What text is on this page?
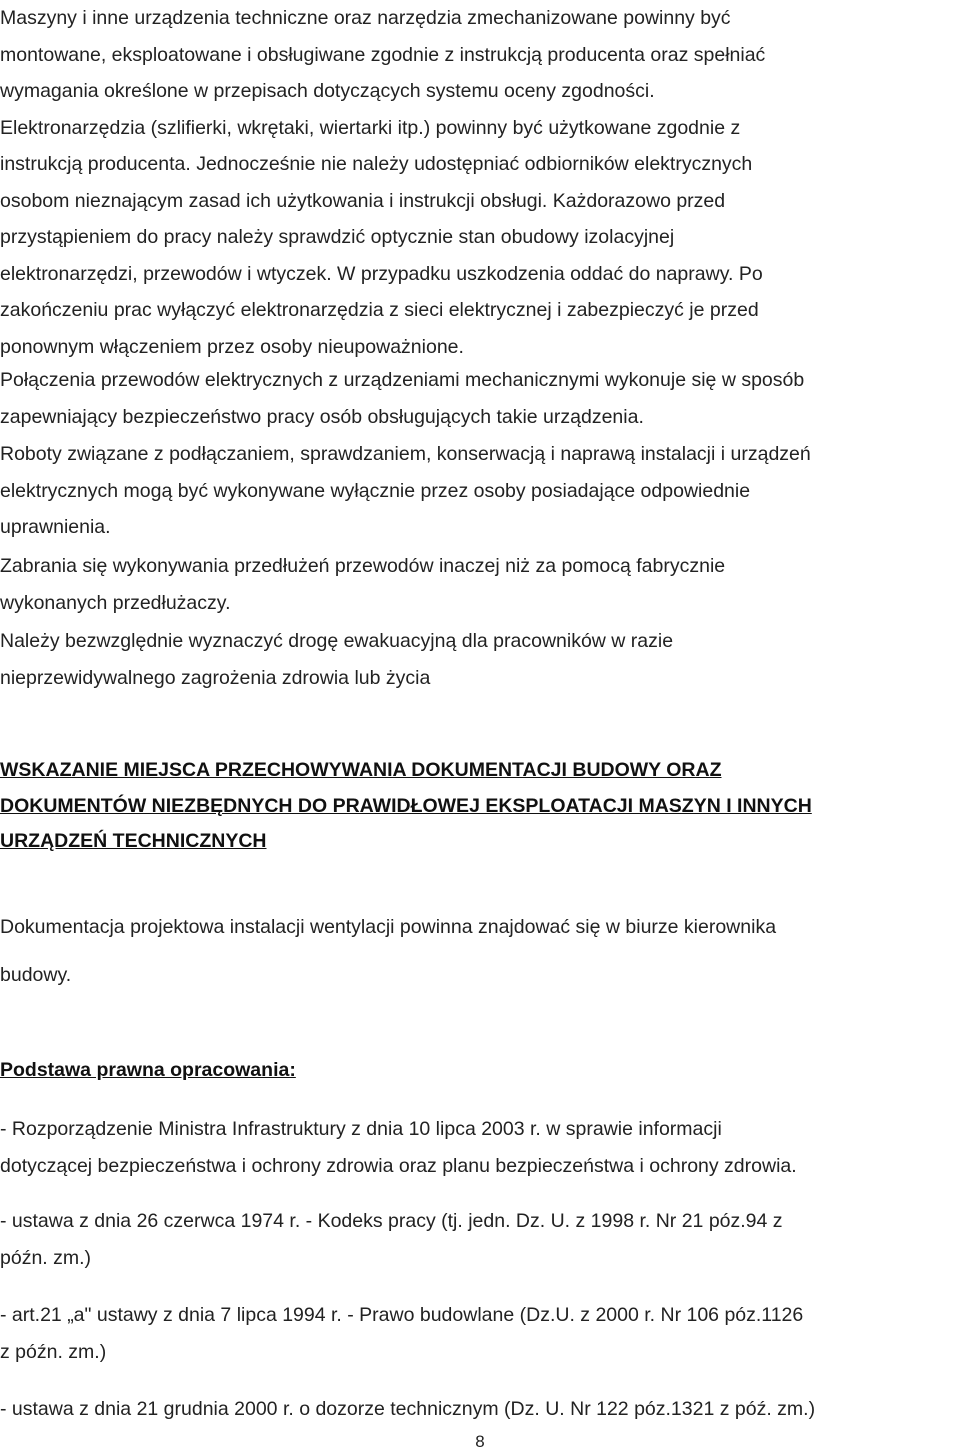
Maszyny i inne urządzenia techniczne oraz narzędzia zmechanizowane powinny być
montowane, eksploatowane i obsługiwane zgodnie z instrukcją producenta oraz spełniać
wymagania określone w przepisach dotyczących systemu oceny zgodności.
Elektronarzędzia (szlifierki, wkrętaki, wiertarki itp.) powinny być użytkowane zgodnie z
instrukcją producenta. Jednocześnie nie należy udostępniać odbiorników elektrycznych
osobom nieznającym zasad ich użytkowania i instrukcji obsługi. Każdorazowo przed
przystąpieniem do pracy należy sprawdzić optycznie stan obudowy izolacyjnej
elektronarzędzi, przewodów i wtyczek. W przypadku uszkodzenia oddać do naprawy. Po
zakończeniu prac wyłączyć elektronarzędzia z sieci elektrycznej i zabezpieczyć je przed
ponownym włączeniem przez osoby nieupoważnione.

Połączenia przewodów elektrycznych z urządzeniami mechanicznymi wykonuje się w sposób
zapewniający bezpieczeństwo pracy osób obsługujących takie urządzenia.

Roboty związane z podłączaniem, sprawdzaniem, konserwacją i naprawą instalacji i urządzeń
elektrycznych mogą być wykonywane wyłącznie przez osoby posiadające odpowiednie
uprawnienia.

Zabrania się wykonywania przedłużeń przewodów inaczej niż za pomocą fabrycznie
wykonanych przedłużaczy.

Należy bezwzględnie wyznaczyć drogę ewakuacyjną dla pracowników w razie
nieprzewidywalnego zagrożenia zdrowia lub życia

WSKAZANIE MIEJSCA PRZECHOWYWANIA DOKUMENTACJI BUDOWY ORAZ
DOKUMENTÓW NIEZBĘDNYCH DO PRAWIDŁOWEJ EKSPLOATACJI MASZYN I INNYCH
URZĄDZEŃ TECHNICZNYCH

Dokumentacja projektowa instalacji wentylacji powinna znajdować się w biurze kierownika
budowy.

Podstawa prawna opracowania:

- Rozporządzenie Ministra Infrastruktury z dnia 10 lipca 2003 r. w sprawie informacji
dotyczącej bezpieczeństwa i ochrony zdrowia oraz planu bezpieczeństwa i ochrony zdrowia.

- ustawa z dnia 26 czerwca 1974 r. - Kodeks pracy (tj. jedn. Dz. U. z 1998 r. Nr 21 póz.94 z
późn. zm.)

- art.21 „a" ustawy z dnia 7 lipca 1994 r. - Prawo budowlane (Dz.U. z 2000 r. Nr 106 póz.1126
z późn. zm.)

- ustawa z dnia 21 grudnia 2000 r. o dozorze technicznym (Dz. U. Nr 122 póz.1321 z póź. zm.)

8
